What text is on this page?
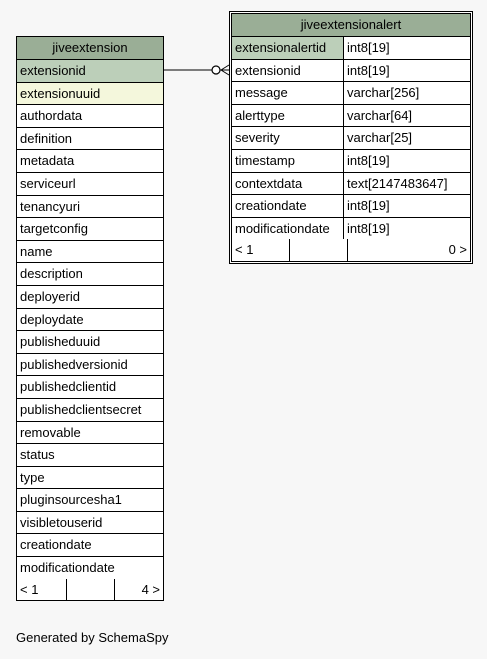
jiveextension
extensionid
extensionuuid
authordata
definition
metadata
serviceurl
tenancyuri
targetconfig
name
description
deployerid
deploydate
publisheduuid
publishedversionid
publishedclientid
publishedclientsecret
removable
status
type
pluginsourcesha1
visibletouserid
creationdate
modificationdate
< 1	4 >
jiveextensionalert
extensionalertid	int8[19]
extensionid	int8[19]
message	varchar[256]
alerttype	varchar[64]
severity	varchar[25]
timestamp	int8[19]
contextdata	text[2147483647]
creationdate	int8[19]
modificationdate	int8[19]
< 1	0 >
Generated by SchemaSpy
